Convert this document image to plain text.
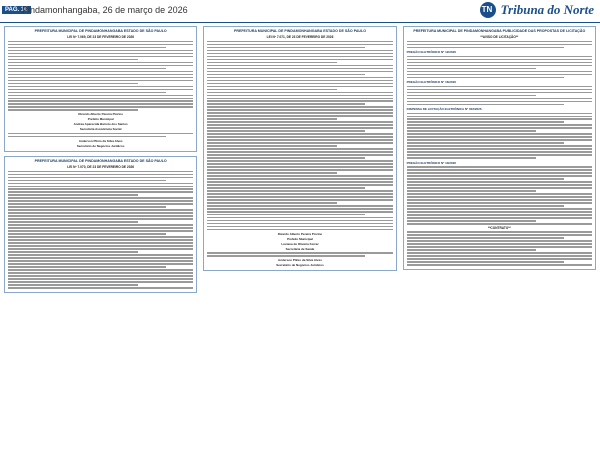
PAG. 10
Pindamonhangaba, 26 de março de 2026
TN	Tribuna do Norte
PREFEITURA MUNICIPAL DE PINDAMONHANGABA ESTADO DE SÃO PAULO
LEI Nº 7.069, DE 23 DE FEVEREIRO DE 2026
Ricardo Alberto Pereira Piorino
Prefeito Municipal
Andrea Aparecida Barreto dos Santos
Secretária Assistência Social
Anderson Plínio da Silva Alves
Secretário de Negócios Jurídicos
PREFEITURA MUNICIPAL DE PINDAMONHANGABA ESTADO DE SÃO PAULO
LEI Nº 7.070, DE 23 DE FEVEREIRO DE 2026
PREFEITURA MUNICIPAL DE PINDAMONHANGABA ESTADO DE SÃO PAULO
LEI Nº 7.071, DE 23 DE FEVEREIRO DE 2026
Ricardo Alberto Pereira Piorino
Prefeito Municipal
Luciana de Oliveira Ferraz
Secretária de Saúde
Anderson Plínio da Silva Alves
Secretário de Negócios Jurídicos
PREFEITURA MUNICIPAL DE PINDAMONHANGABA PUBLICIDADE DAS PROPOSTAS DE LICITAÇÃO
**AVISO DE LICITAÇÃO**
PREGÃO ELETRÔNICO Nº 12/2026
PREGÃO ELETRÔNICO Nº 16/2026
DISPENSA DE LICITAÇÃO ELETRÔNICA Nº 002/2026
PREGÃO ELETRÔNICO Nº 13/2026
**CONTRATO**
